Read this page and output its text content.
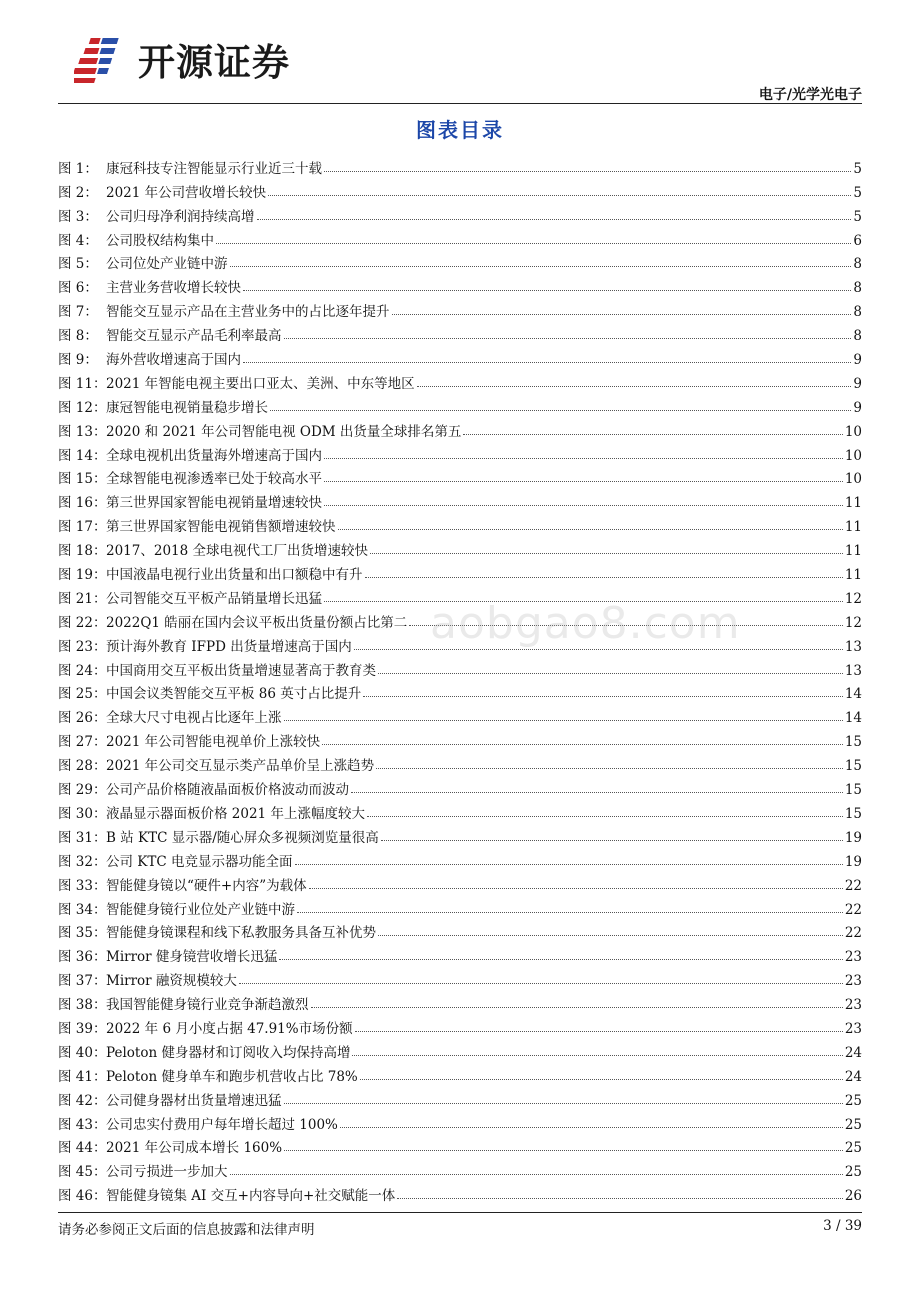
开源证券
电子/光学光电子
图表目录
图 1： 康冠科技专注智能显示行业近三十载	5
图 2： 2021 年公司营收增长较快	5
图 3： 公司归母净利润持续高增	5
图 4： 公司股权结构集中	6
图 5： 公司位处产业链中游	8
图 6： 主营业务营收增长较快	8
图 7： 智能交互显示产品在主营业务中的占比逐年提升	8
图 8： 智能交互显示产品毛利率最高	8
图 9： 海外营收增速高于国内	9
图 11： 2021 年智能电视主要出口亚太、美洲、中东等地区	9
图 12： 康冠智能电视销量稳步增长	9
图 13： 2020 和 2021 年公司智能电视 ODM 出货量全球排名第五	10
图 14： 全球电视机出货量海外增速高于国内	10
图 15： 全球智能电视渗透率已处于较高水平	10
图 16： 第三世界国家智能电视销量增速较快	11
图 17： 第三世界国家智能电视销售额增速较快	11
图 18： 2017、2018 全球电视代工厂出货增速较快	11
图 19： 中国液晶电视行业出货量和出口额稳中有升	11
图 21： 公司智能交互平板产品销量增长迅猛	12
图 22： 2022Q1 皓丽在国内会议平板出货量份额占比第二	12
图 23： 预计海外教育 IFPD 出货量增速高于国内	13
图 24： 中国商用交互平板出货量增速显著高于教育类	13
图 25： 中国会议类智能交互平板 86 英寸占比提升	14
图 26： 全球大尺寸电视占比逐年上涨	14
图 27： 2021 年公司智能电视单价上涨较快	15
图 28： 2021 年公司交互显示类产品单价呈上涨趋势	15
图 29： 公司产品价格随液晶面板价格波动而波动	15
图 30： 液晶显示器面板价格 2021 年上涨幅度较大	15
图 31： B 站 KTC 显示器/随心屏众多视频浏览量很高	19
图 32： 公司 KTC 电竞显示器功能全面	19
图 33： 智能健身镜以“硬件+内容”为载体	22
图 34： 智能健身镜行业位处产业链中游	22
图 35： 智能健身镜课程和线下私教服务具备互补优势	22
图 36： Mirror 健身镜营收增长迅猛	23
图 37： Mirror 融资规模较大	23
图 38： 我国智能健身镜行业竞争渐趋激烈	23
图 39： 2022 年 6 月小度占据 47.91%市场份额	23
图 40： Peloton 健身器材和订阅收入均保持高增	24
图 41： Peloton 健身单车和跑步机营收占比 78%	24
图 42： 公司健身器材出货量增速迅猛	25
图 43： 公司忠实付费用户每年增长超过 100%	25
图 44： 2021 年公司成本增长 160%	25
图 45： 公司亏损进一步加大	25
图 46： 智能健身镜集 AI 交互+内容导向+社交赋能一体	26
aobgao8.com
请务必参阅正文后面的信息披露和法律声明	3 / 39
